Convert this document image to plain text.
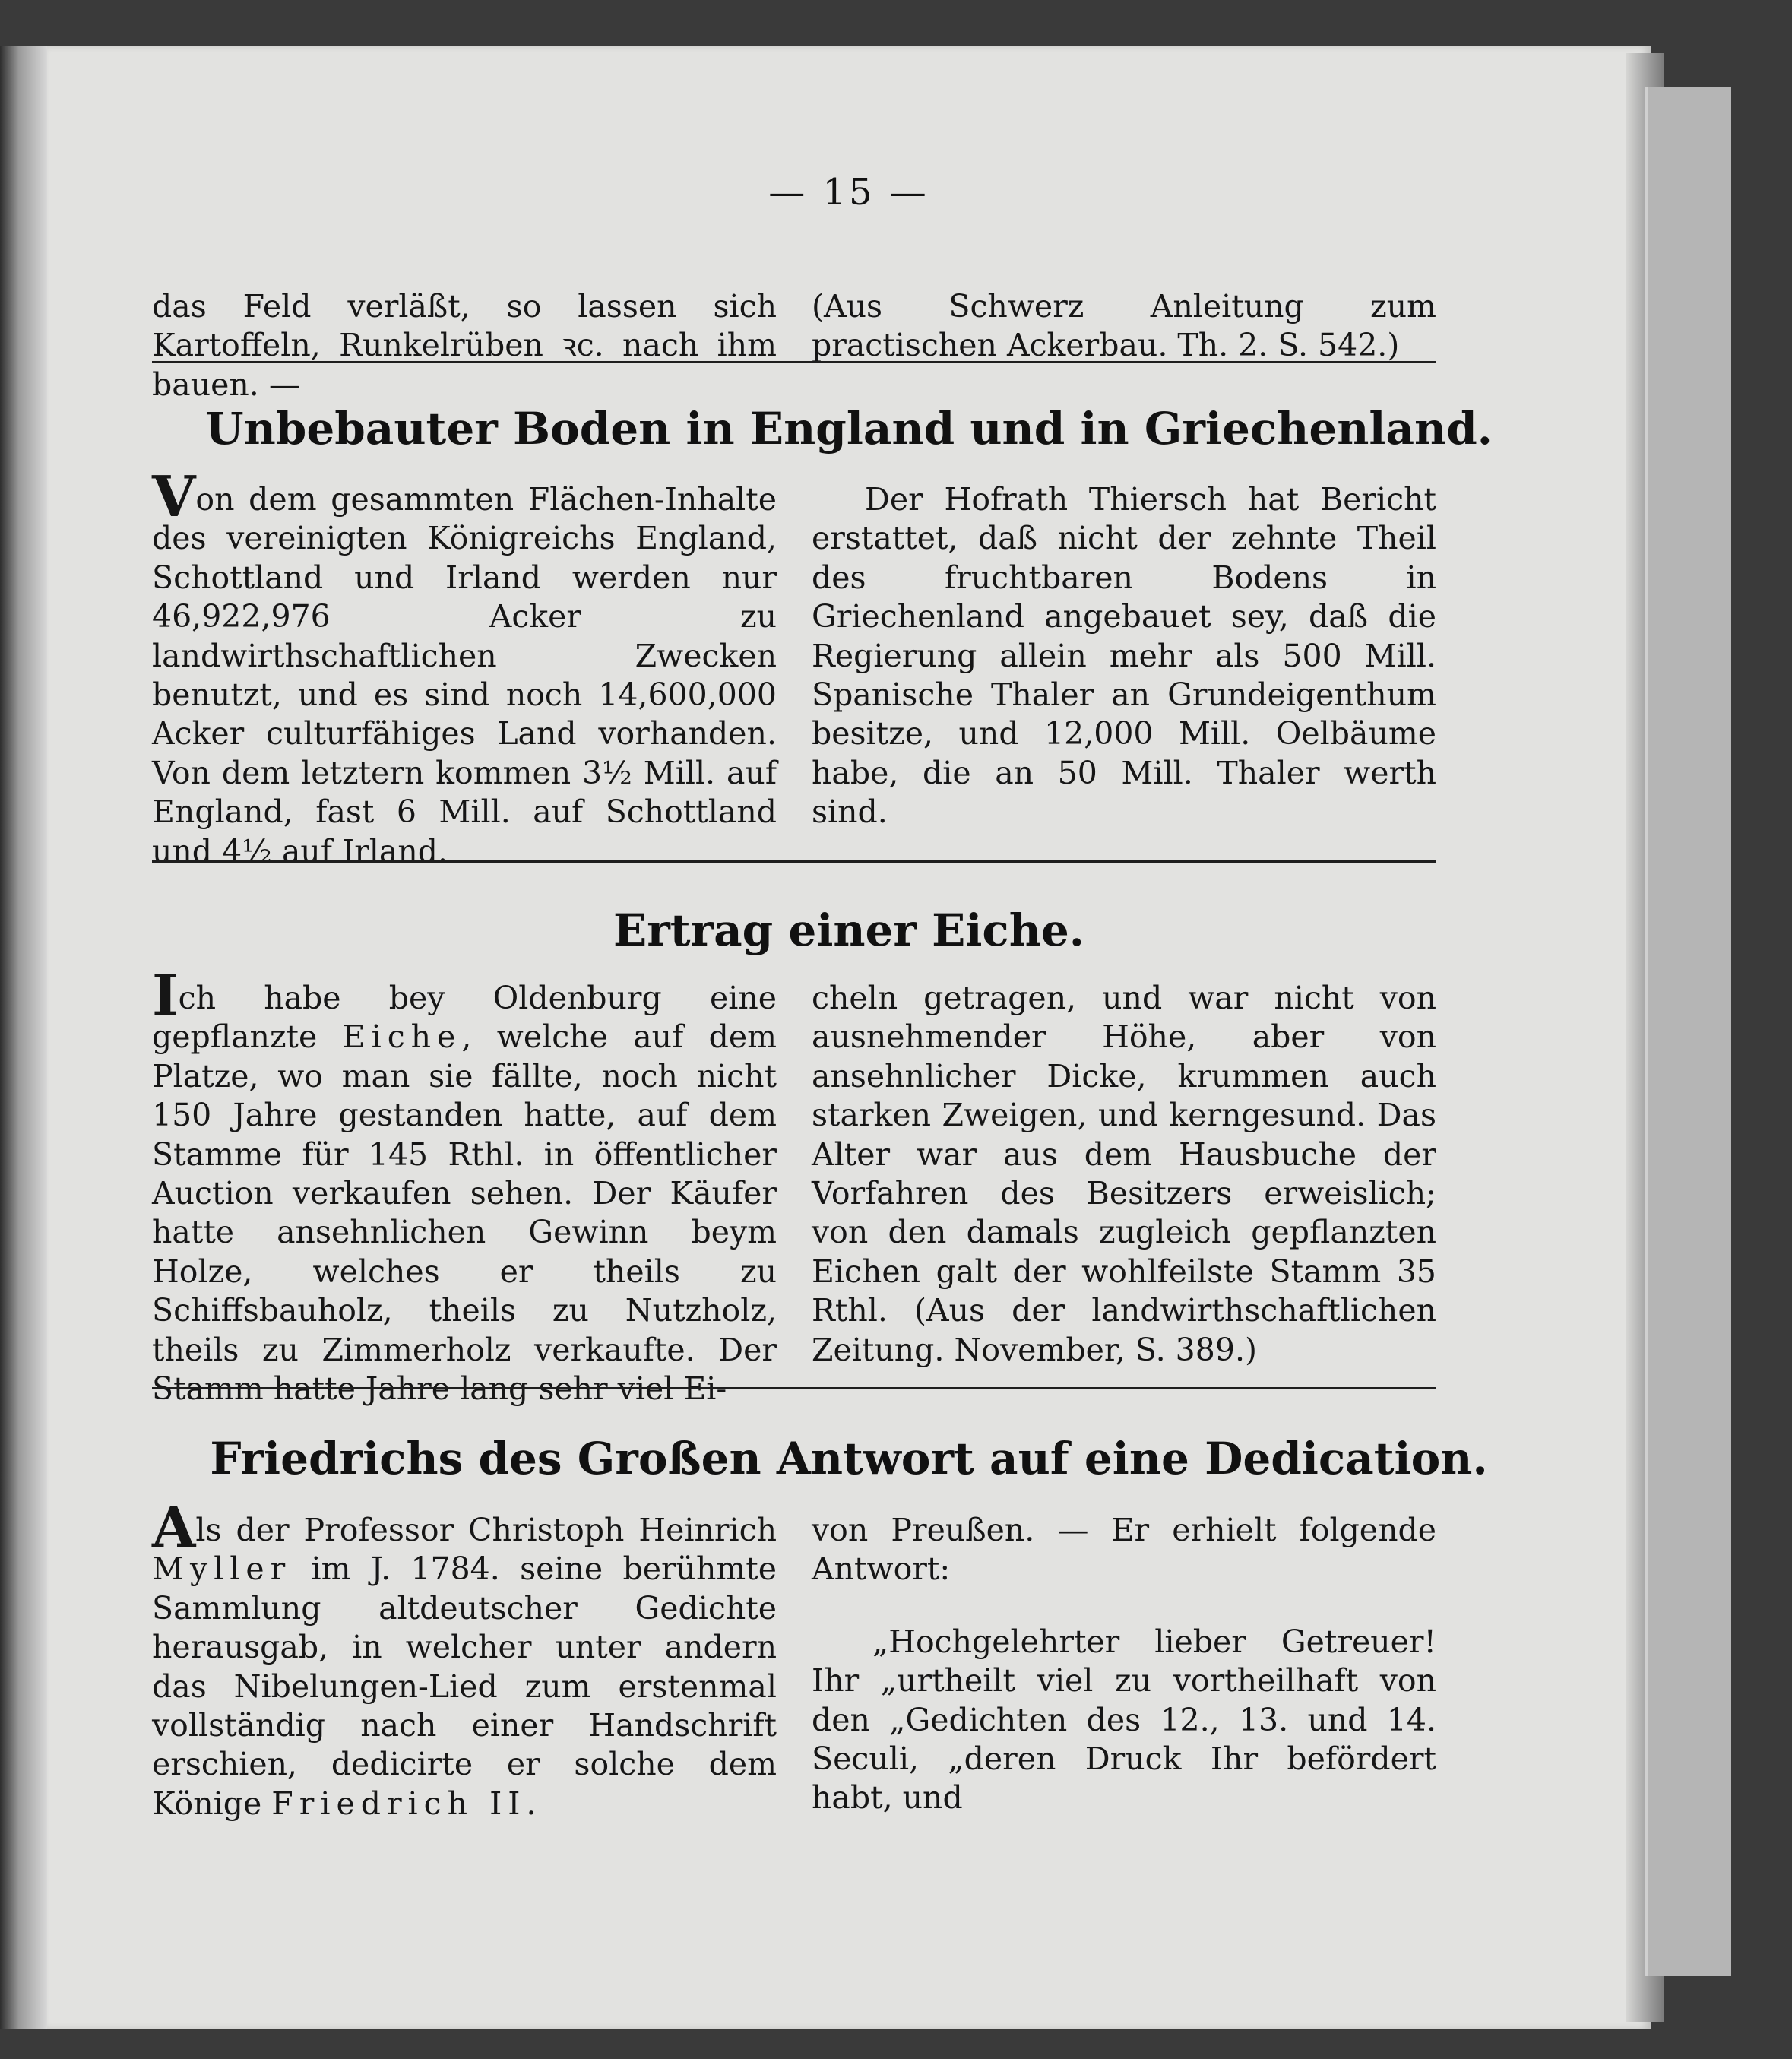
— 15 —

das Feld verläßt, so lassen sich Kartoffeln, Runkelrüben ꝛc. nach ihm bauen. —

(Aus Schwerz Anleitung zum practischen Ackerbau. Th. 2. S. 542.)

Unbebauter Boden in England und in Griechenland.

Von dem gesammten Flächen-Inhalte des vereinigten Königreichs England, Schottland und Irland werden nur 46,922,976 Acker zu landwirthschaftlichen Zwecken benutzt, und es sind noch 14,600,000 Acker culturfähiges Land vorhanden. Von dem letztern kommen 3½ Mill. auf England, fast 6 Mill. auf Schottland und 4½ auf Irland.

Der Hofrath Thiersch hat Bericht erstattet, daß nicht der zehnte Theil des fruchtbaren Bodens in Griechenland angebauet sey, daß die Regierung allein mehr als 500 Mill. Spanische Thaler an Grundeigenthum besitze, und 12,000 Mill. Oelbäume habe, die an 50 Mill. Thaler werth sind.

Ertrag einer Eiche.

Ich habe bey Oldenburg eine gepflanzte Eiche, welche auf dem Platze, wo man sie fällte, noch nicht 150 Jahre gestanden hatte, auf dem Stamme für 145 Rthl. in öffentlicher Auction verkaufen sehen. Der Käufer hatte ansehnlichen Gewinn beym Holze, welches er theils zu Schiffsbauholz, theils zu Nutzholz, theils zu Zimmerholz verkaufte. Der Stamm hatte Jahre lang sehr viel Ei-

cheln getragen, und war nicht von ausnehmender Höhe, aber von ansehnlicher Dicke, krummen auch starken Zweigen, und kerngesund. Das Alter war aus dem Hausbuche der Vorfahren des Besitzers erweislich; von den damals zugleich gepflanzten Eichen galt der wohlfeilste Stamm 35 Rthl. (Aus der landwirthschaftlichen Zeitung. November, S. 389.)

Friedrichs des Großen Antwort auf eine Dedication.

Als der Professor Christoph Heinrich Myller im J. 1784. seine berühmte Sammlung altdeutscher Gedichte herausgab, in welcher unter andern das Nibelungen-Lied zum erstenmal vollständig nach einer Handschrift erschien, dedicirte er solche dem Könige Friedrich II.

von Preußen. — Er erhielt folgende Antwort:

„Hochgelehrter lieber Getreuer! Ihr „urtheilt viel zu vortheilhaft von den „Gedichten des 12., 13. und 14. Seculi, „deren Druck Ihr befördert habt, und
